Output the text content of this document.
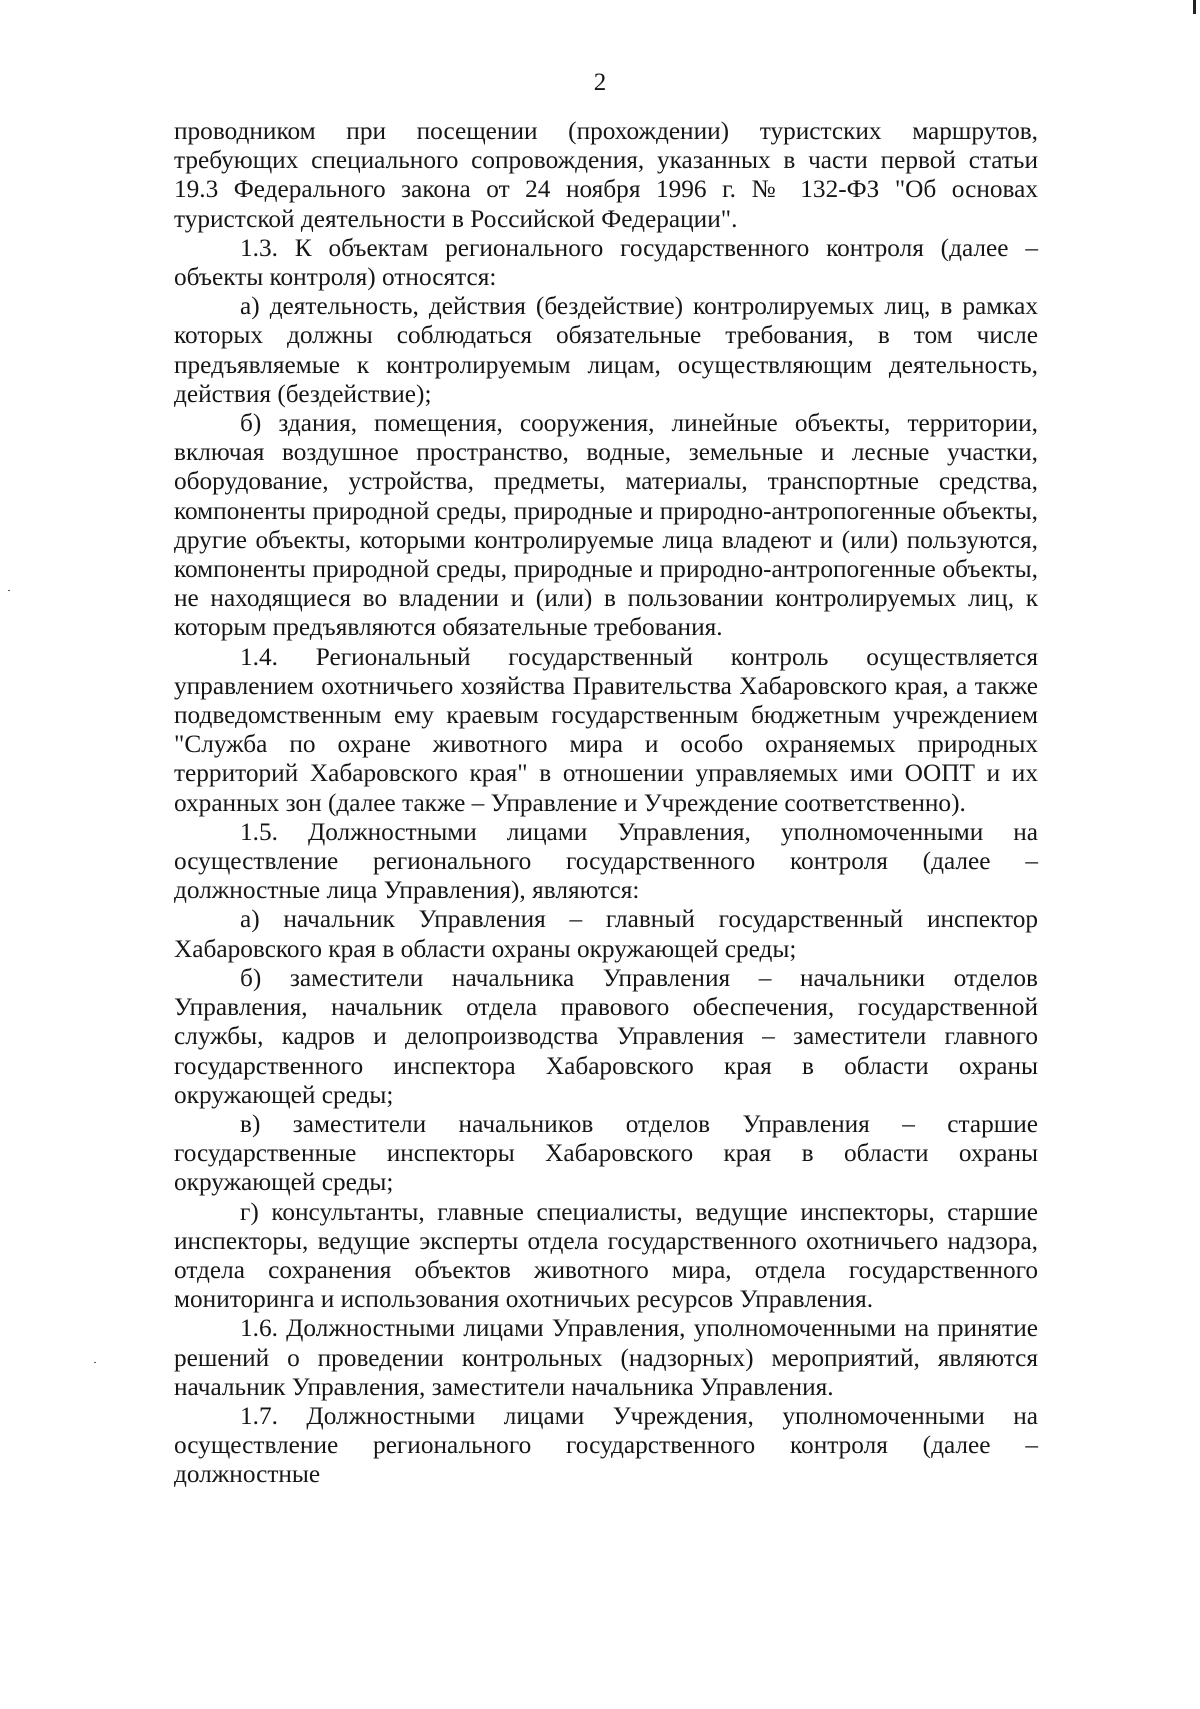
2

проводником при посещении (прохождении) туристских маршрутов, требующих специального сопровождения, указанных в части первой статьи 19.3 Федерального закона от 24 ноября 1996 г. № 132-ФЗ "Об основах туристской деятельности в Российской Федерации".

1.3. К объектам регионального государственного контроля (далее – объекты контроля) относятся:

а) деятельность, действия (бездействие) контролируемых лиц, в рамках которых должны соблюдаться обязательные требования, в том числе предъявляемые к контролируемым лицам, осуществляющим деятельность, действия (бездействие);

б) здания, помещения, сооружения, линейные объекты, территории, включая воздушное пространство, водные, земельные и лесные участки, оборудование, устройства, предметы, материалы, транспортные средства, компоненты природной среды, природные и природно-антропогенные объекты, другие объекты, которыми контролируемые лица владеют и (или) пользуются, компоненты природной среды, природные и природно-антропогенные объекты, не находящиеся во владении и (или) в пользовании контролируемых лиц, к которым предъявляются обязательные требования.

1.4. Региональный государственный контроль осуществляется управлением охотничьего хозяйства Правительства Хабаровского края, а также подведомственным ему краевым государственным бюджетным учреждением "Служба по охране животного мира и особо охраняемых природных территорий Хабаровского края" в отношении управляемых ими ООПТ и их охранных зон (далее также – Управление и Учреждение соответственно).

1.5. Должностными лицами Управления, уполномоченными на осуществление регионального государственного контроля (далее – должностные лица Управления), являются:

а) начальник Управления – главный государственный инспектор Хабаровского края в области охраны окружающей среды;

б) заместители начальника Управления – начальники отделов Управления, начальник отдела правового обеспечения, государственной службы, кадров и делопроизводства Управления – заместители главного государственного инспектора Хабаровского края в области охраны окружающей среды;

в) заместители начальников отделов Управления – старшие государственные инспекторы Хабаровского края в области охраны окружающей среды;

г) консультанты, главные специалисты, ведущие инспекторы, старшие инспекторы, ведущие эксперты отдела государственного охотничьего надзора, отдела сохранения объектов животного мира, отдела государственного мониторинга и использования охотничьих ресурсов Управления.

1.6. Должностными лицами Управления, уполномоченными на принятие решений о проведении контрольных (надзорных) мероприятий, являются начальник Управления, заместители начальника Управления.

1.7. Должностными лицами Учреждения, уполномоченными на осуществление регионального государственного контроля (далее – должностные
